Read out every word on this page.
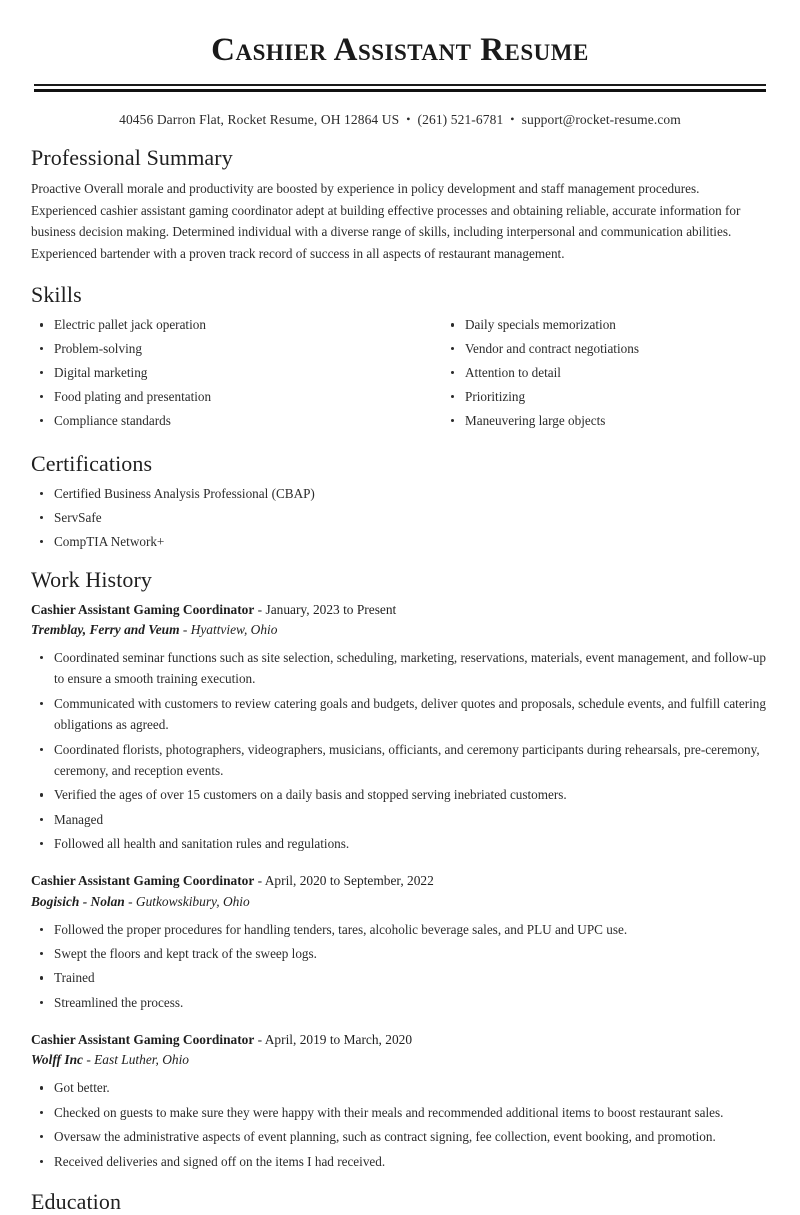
Cashier Assistant Resume
40456 Darron Flat, Rocket Resume, OH 12864 US • (261) 521-6781 • support@rocket-resume.com
Professional Summary

Proactive Overall morale and productivity are boosted by experience in policy development and staff management procedures. Experienced cashier assistant gaming coordinator adept at building effective processes and obtaining reliable, accurate information for business decision making. Determined individual with a diverse range of skills, including interpersonal and communication abilities. Experienced bartender with a proven track record of success in all aspects of restaurant management.

Skills
Electric pallet jack operation
Problem-solving
Digital marketing
Food plating and presentation
Compliance standards
Daily specials memorization
Vendor and contract negotiations
Attention to detail
Prioritizing
Maneuvering large objects
Certifications
Certified Business Analysis Professional (CBAP)
ServSafe
CompTIA Network+
Work History
Cashier Assistant Gaming Coordinator - January, 2023 to Present
Tremblay, Ferry and Veum - Hyattview, Ohio
Coordinated seminar functions such as site selection, scheduling, marketing, reservations, materials, event management, and follow-up to ensure a smooth training execution.
Communicated with customers to review catering goals and budgets, deliver quotes and proposals, schedule events, and fulfill catering obligations as agreed.
Coordinated florists, photographers, videographers, musicians, officiants, and ceremony participants during rehearsals, pre-ceremony, ceremony, and reception events.
Verified the ages of over 15 customers on a daily basis and stopped serving inebriated customers.
Managed
Followed all health and sanitation rules and regulations.
Cashier Assistant Gaming Coordinator - April, 2020 to September, 2022
Bogisich - Nolan - Gutkowskibury, Ohio
Followed the proper procedures for handling tenders, tares, alcoholic beverage sales, and PLU and UPC use.
Swept the floors and kept track of the sweep logs.
Trained
Streamlined the process.
Cashier Assistant Gaming Coordinator - April, 2019 to March, 2020
Wolff Inc - East Luther, Ohio
Got better.
Checked on guests to make sure they were happy with their meals and recommended additional items to boost restaurant sales.
Oversaw the administrative aspects of event planning, such as contract signing, fee collection, event booking, and promotion.
Received deliveries and signed off on the items I had received.
Education
